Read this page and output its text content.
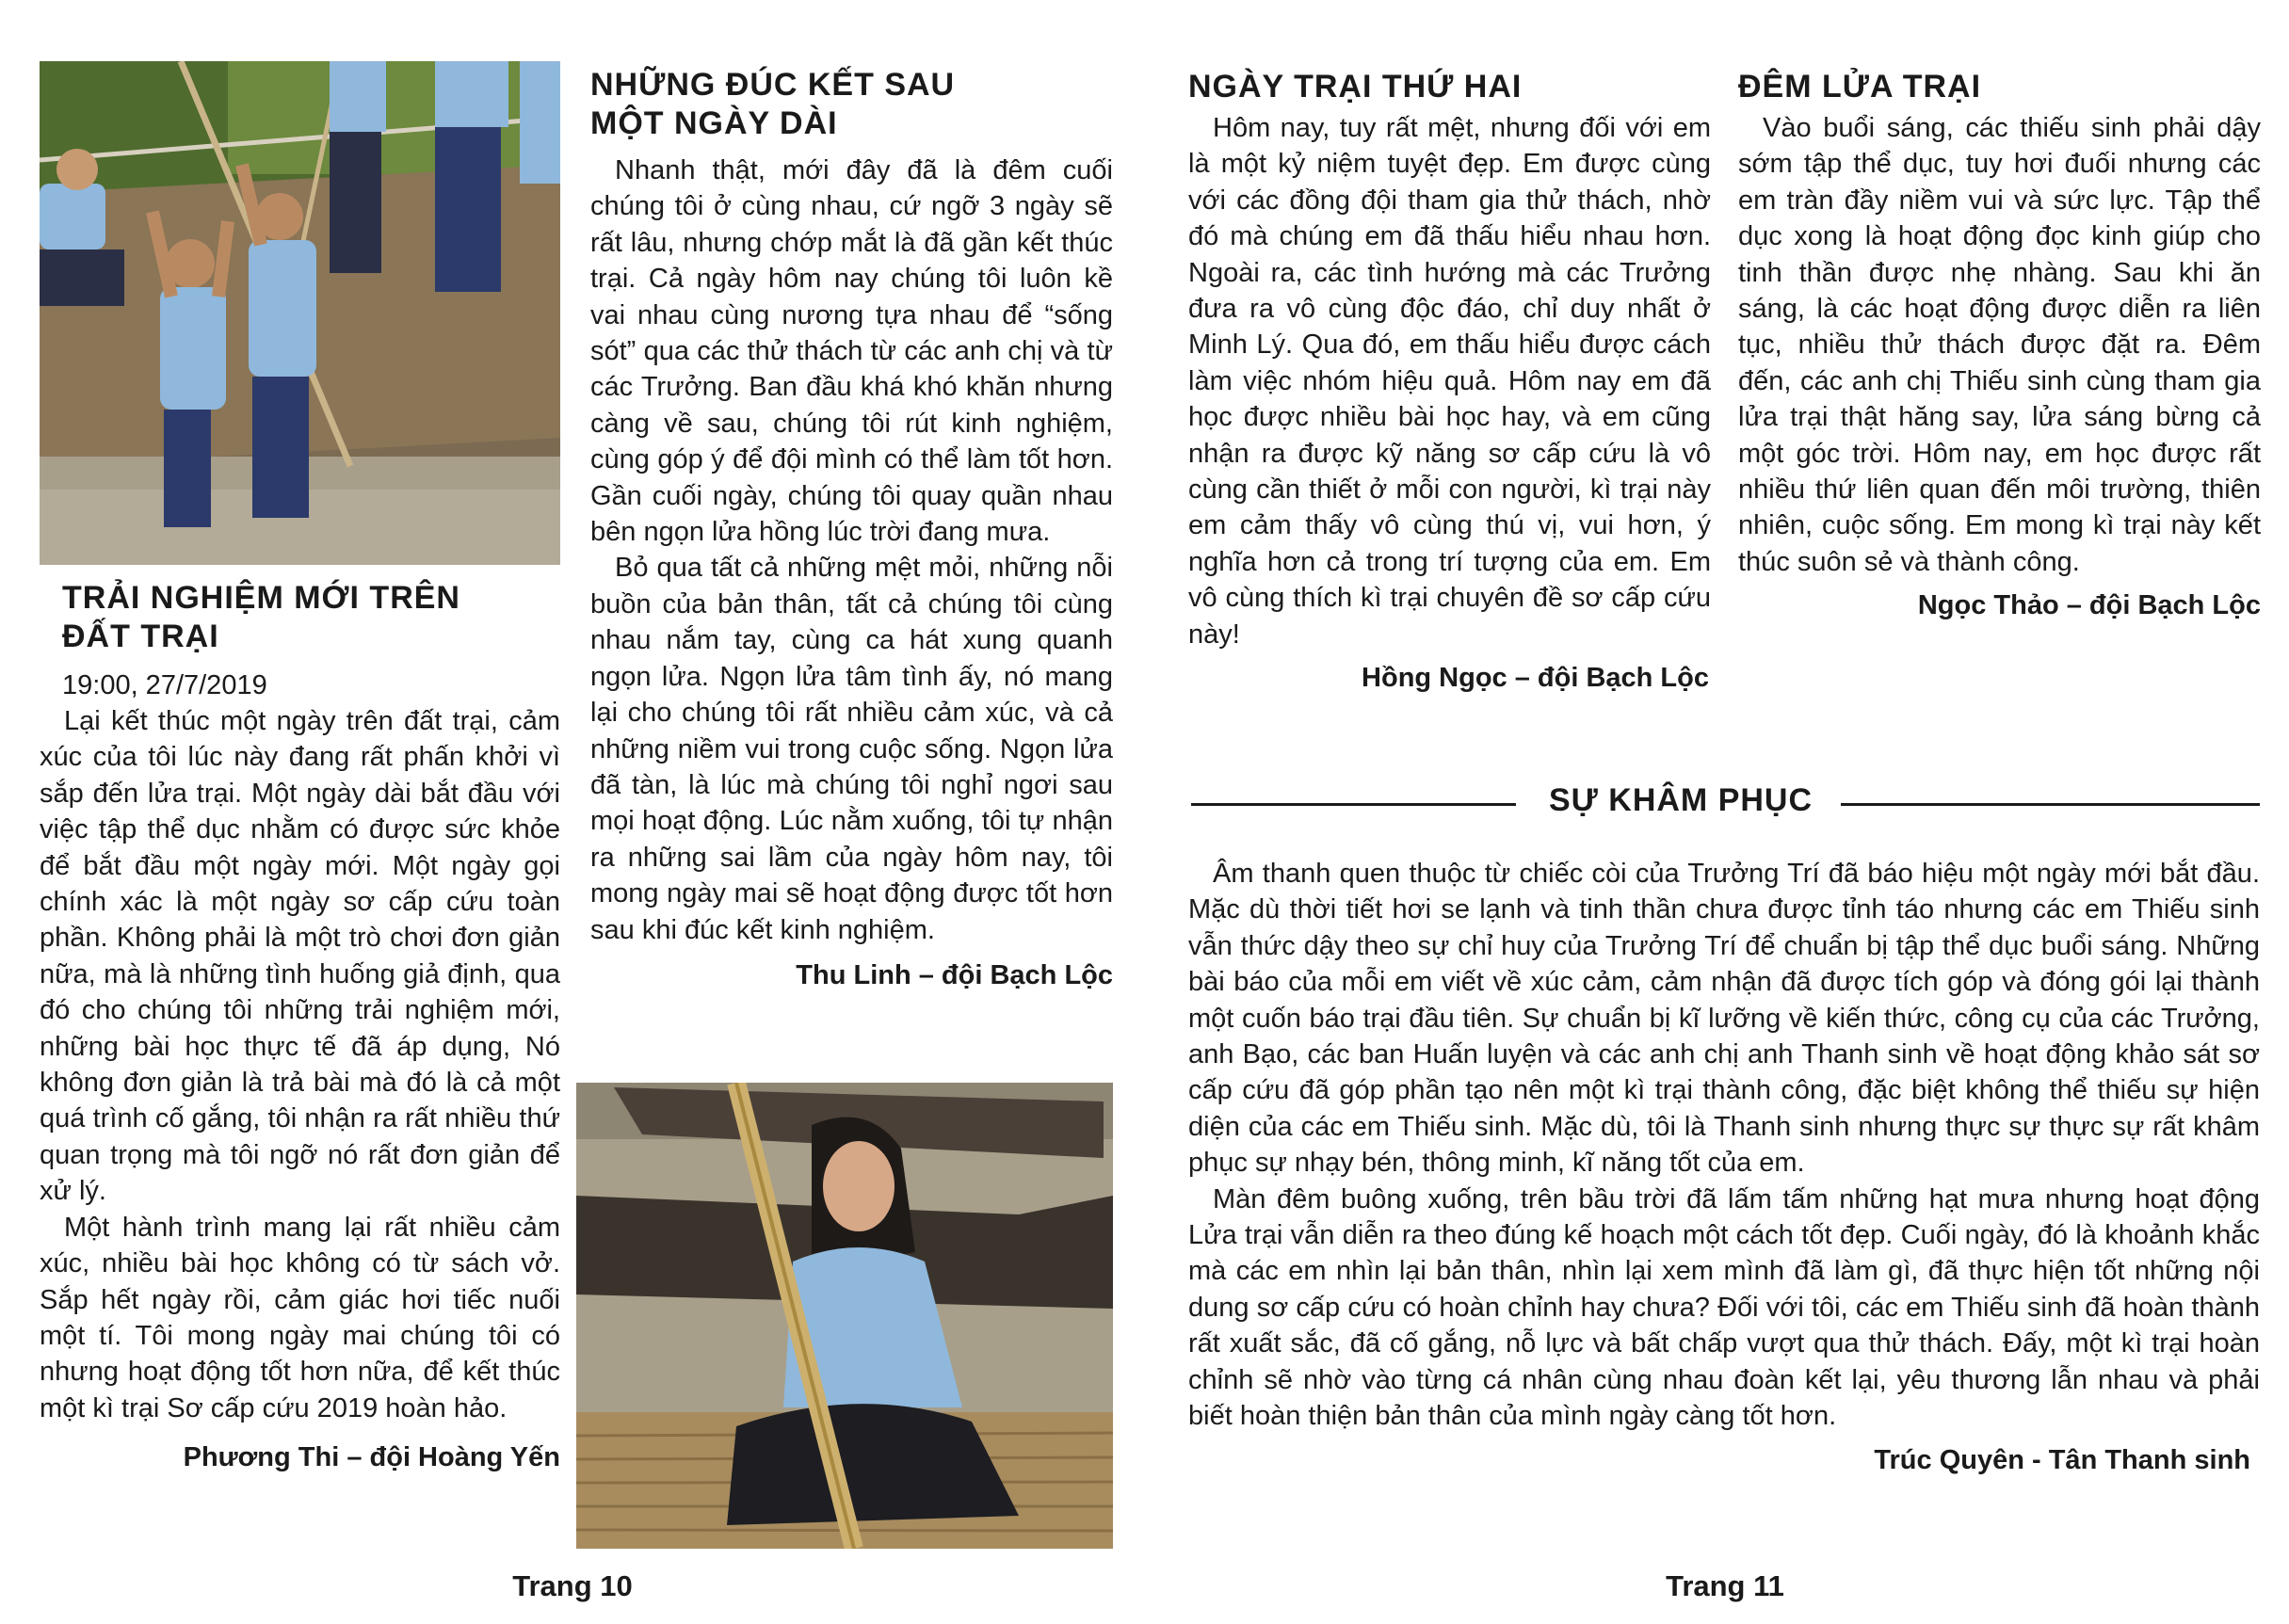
TRẢI NGHIỆM MỚI TRÊN
ĐẤT TRẠI
19:00, 27/7/2019

Lại kết thúc một ngày trên đất trại, cảm xúc của tôi lúc này đang rất phấn khởi vì sắp đến lửa trại. Một ngày dài bắt đầu với việc tập thể dục nhằm có được sức khỏe để bắt đầu một ngày mới. Một ngày gọi chính xác là một ngày sơ cấp cứu toàn phần. Không phải là một trò chơi đơn giản nữa, mà là những tình huống giả định, qua đó cho chúng tôi những trải nghiệm mới, những bài học thực tế đã áp dụng, Nó không đơn giản là trả bài mà đó là cả một quá trình cố gắng, tôi nhận ra rất nhiều thứ quan trọng mà tôi ngỡ nó rất đơn giản để xử lý.

Một hành trình mang lại rất nhiều cảm xúc, nhiều bài học không có từ sách vở. Sắp hết ngày rồi, cảm giác hơi tiếc nuối một tí. Tôi mong ngày mai chúng tôi có nhưng hoạt động tốt hơn nữa, để kết thúc một kì trại Sơ cấp cứu 2019 hoàn hảo.

Phương Thi – đội Hoàng Yến
NHỮNG ĐÚC KẾT SAU
MỘT NGÀY DÀI

Nhanh thật, mới đây đã là đêm cuối chúng tôi ở cùng nhau, cứ ngỡ 3 ngày sẽ rất lâu, nhưng chớp mắt là đã gần kết thúc trại. Cả ngày hôm nay chúng tôi luôn kề vai nhau cùng nương tựa nhau để “sống sót” qua các thử thách từ các anh chị và từ các Trưởng. Ban đầu khá khó khăn nhưng càng về sau, chúng tôi rút kinh nghiệm, cùng góp ý để đội mình có thể làm tốt hơn. Gần cuối ngày, chúng tôi quay quần nhau bên ngọn lửa hồng lúc trời đang mưa.

Bỏ qua tất cả những mệt mỏi, những nỗi buồn của bản thân, tất cả chúng tôi cùng nhau nắm tay, cùng ca hát xung quanh ngọn lửa. Ngọn lửa tâm tình ấy, nó mang lại cho chúng tôi rất nhiều cảm xúc, và cả những niềm vui trong cuộc sống. Ngọn lửa đã tàn, là lúc mà chúng tôi nghỉ ngơi sau mọi hoạt động. Lúc nằm xuống, tôi tự nhận ra những sai lầm của ngày hôm nay, tôi mong ngày mai sẽ hoạt động được tốt hơn sau khi đúc kết kinh nghiệm.

Thu Linh – đội Bạch Lộc
Trang 10
NGÀY TRẠI THỨ HAI

Hôm nay, tuy rất mệt, nhưng đối với em là một kỷ niệm tuyệt đẹp. Em được cùng với các đồng đội tham gia thử thách, nhờ đó mà chúng em đã thấu hiểu nhau hơn. Ngoài ra, các tình hướng mà các Trưởng đưa ra vô cùng độc đáo, chỉ duy nhất ở Minh Lý. Qua đó, em thấu hiểu được cách làm việc nhóm hiệu quả. Hôm nay em đã học được nhiều bài học hay, và em cũng nhận ra được kỹ năng sơ cấp cứu là vô cùng cần thiết ở mỗi con người, kì trại này em cảm thấy vô cùng thú vị, vui hơn, ý nghĩa hơn cả trong trí tượng của em. Em vô cùng thích kì trại chuyên đề sơ cấp cứu này!

Hồng Ngọc – đội Bạch Lộc
ĐÊM LỬA TRẠI

Vào buổi sáng, các thiếu sinh phải dậy sớm tập thể dục, tuy hơi đuối nhưng các em tràn đầy niềm vui và sức lực. Tập thể dục xong là hoạt động đọc kinh giúp cho tinh thần được nhẹ nhàng. Sau khi ăn sáng, là các hoạt động được diễn ra liên tục, nhiều thử thách được đặt ra. Đêm đến, các anh chị Thiếu sinh cùng tham gia lửa trại thật hăng say, lửa sáng bừng cả một góc trời. Hôm nay, em học được rất nhiều thứ liên quan đến môi trường, thiên nhiên, cuộc sống. Em mong kì trại này kết thúc suôn sẻ và thành công.

Ngọc Thảo – đội Bạch Lộc
SỰ KHÂM PHỤC

Âm thanh quen thuộc từ chiếc còi của Trưởng Trí đã báo hiệu một ngày mới bắt đầu. Mặc dù thời tiết hơi se lạnh và tinh thần chưa được tỉnh táo nhưng các em Thiếu sinh vẫn thức dậy theo sự chỉ huy của Trưởng Trí để chuẩn bị tập thể dục buổi sáng. Những bài báo của mỗi em viết về xúc cảm, cảm nhận đã được tích góp và đóng gói lại thành một cuốn báo trại đầu tiên. Sự chuẩn bị kĩ lưỡng về kiến thức, công cụ của các Trưởng, anh Bạo, các ban Huấn luyện và các anh chị anh Thanh sinh về hoạt động khảo sát sơ cấp cứu đã góp phần tạo nên một kì trại thành công, đặc biệt không thể thiếu sự hiện diện của các em Thiếu sinh. Mặc dù, tôi là Thanh sinh nhưng thực sự thực sự rất khâm phục sự nhạy bén, thông minh, kĩ năng tốt của em.

Màn đêm buông xuống, trên bầu trời đã lấm tấm những hạt mưa nhưng hoạt động Lửa trại vẫn diễn ra theo đúng kế hoạch một cách tốt đẹp. Cuối ngày, đó là khoảnh khắc mà các em nhìn lại bản thân, nhìn lại xem mình đã làm gì, đã thực hiện tốt những nội dung sơ cấp cứu có hoàn chỉnh hay chưa? Đối với tôi, các em Thiếu sinh đã hoàn thành rất xuất sắc, đã cố gắng, nỗ lực và bất chấp vượt qua thử thách. Đấy, một kì trại hoàn chỉnh sẽ nhờ vào từng cá nhân cùng nhau đoàn kết lại, yêu thương lẫn nhau và phải biết hoàn thiện bản thân của mình ngày càng tốt hơn.

Trúc Quyên - Tân Thanh sinh
Trang 11
